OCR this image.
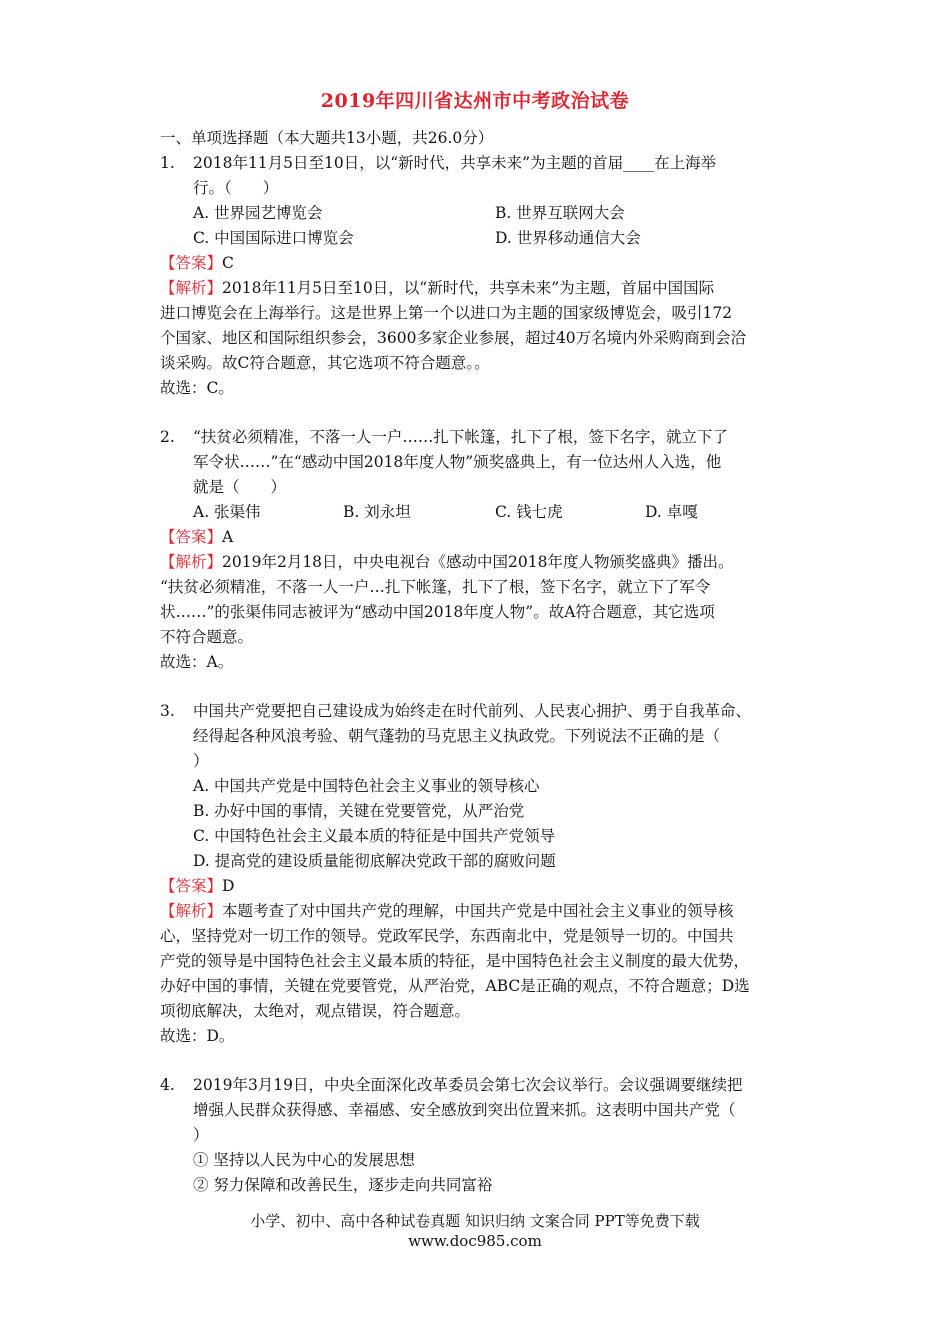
2019年四川省达州市中考政治试卷
一、单项选择题（本大题共13小题，共26.0分）
1. 2018年11月5日至10日，以“新时代，共享未来”为主题的首届____在上海举
行。（　　）
A. 世界园艺博览会	B. 世界互联网大会
C. 中国国际进口博览会	D. 世界移动通信大会
【答案】C
【解析】2018年11月5日至10日，以“新时代，共享未来”为主题，首届中国国际
进口博览会在上海举行。这是世界上第一个以进口为主题的国家级博览会，吸引172
个国家、地区和国际组织参会，3600多家企业参展，超过40万名境内外采购商到会洽
谈采购。故C符合题意，其它选项不符合题意。。
故选：C。
2. “扶贫必须精准，不落一人一户……扎下帐篷，扎下了根，签下名字，就立下了
军令状……”在“感动中国2018年度人物”颁奖盛典上，有一位达州人入选，他
就是（　　）
A. 张渠伟	B. 刘永坦	C. 钱七虎	D. 卓嘎
【答案】A
【解析】2019年2月18日，中央电视台《感动中国2018年度人物颁奖盛典》播出。
“扶贫必须精准，不落一人一户…扎下帐篷，扎下了根，签下名字，就立下了军令
状……”的张渠伟同志被评为“感动中国2018年度人物”。故A符合题意，其它选项
不符合题意。
故选：A。
3. 中国共产党要把自己建设成为始终走在时代前列、人民衷心拥护、勇于自我革命、
经得起各种风浪考验、朝气蓬勃的马克思主义执政党。下列说法不正确的是（
）
A. 中国共产党是中国特色社会主义事业的领导核心
B. 办好中国的事情，关键在党要管党，从严治党
C. 中国特色社会主义最本质的特征是中国共产党领导
D. 提高党的建设质量能彻底解决党政干部的腐败问题
【答案】D
【解析】本题考查了对中国共产党的理解，中国共产党是中国社会主义事业的领导核
心，坚持党对一切工作的领导。党政军民学，东西南北中，党是领导一切的。中国共
产党的领导是中国特色社会主义最本质的特征，是中国特色社会主义制度的最大优势，
办好中国的事情，关键在党要管党，从严治党，ABC是正确的观点，不符合题意；D选
项彻底解决，太绝对，观点错误，符合题意。
故选：D。
4. 2019年3月19日，中央全面深化改革委员会第七次会议举行。会议强调要继续把
增强人民群众获得感、幸福感、安全感放到突出位置来抓。这表明中国共产党（
）
① 坚持以人民为中心的发展思想
② 努力保障和改善民生，逐步走向共同富裕
小学、初中、高中各种试卷真题 知识归纳 文案合同 PPT等免费下载
www.doc985.com
